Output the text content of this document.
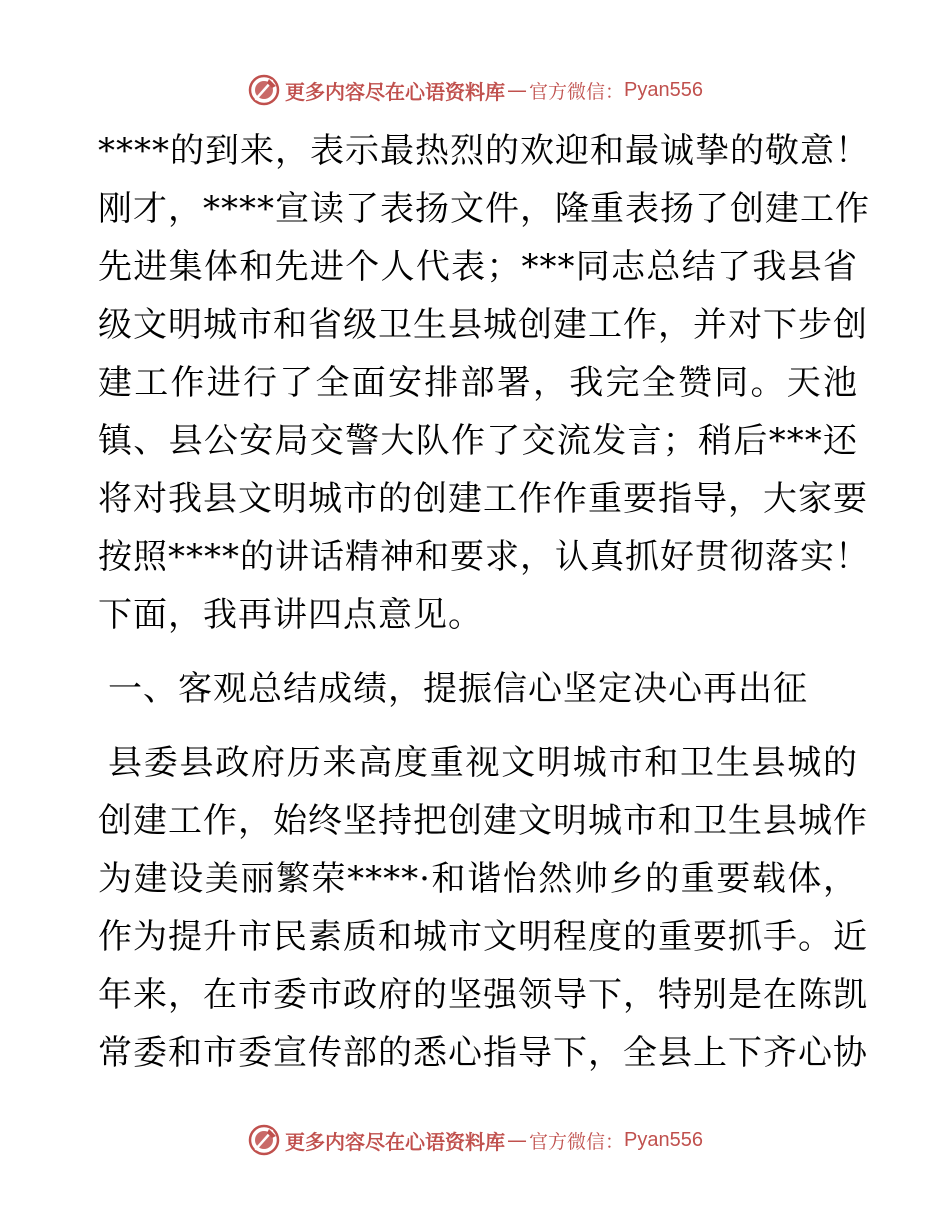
更多内容尽在心语资料库 — 官方微信： Pyan556
****的到来，表示最热烈的欢迎和最诚挚的敬意！
刚才，****宣读了表扬文件，隆重表扬了创建工作
先进集体和先进个人代表；***同志总结了我县省
级文明城市和省级卫生县城创建工作，并对下步创
建工作进行了全面安排部署，我完全赞同。天池
镇、县公安局交警大队作了交流发言；稍后***还
将对我县文明城市的创建工作作重要指导，大家要
按照****的讲话精神和要求，认真抓好贯彻落实！
下面，我再讲四点意见。
一、客观总结成绩，提振信心坚定决心再出征
县委县政府历来高度重视文明城市和卫生县城的
创建工作，始终坚持把创建文明城市和卫生县城作
为建设美丽繁荣****·和谐怡然帅乡的重要载体，
作为提升市民素质和城市文明程度的重要抓手。近
年来，在市委市政府的坚强领导下，特别是在陈凯
常委和市委宣传部的悉心指导下，全县上下齐心协
更多内容尽在心语资料库 — 官方微信： Pyan556
